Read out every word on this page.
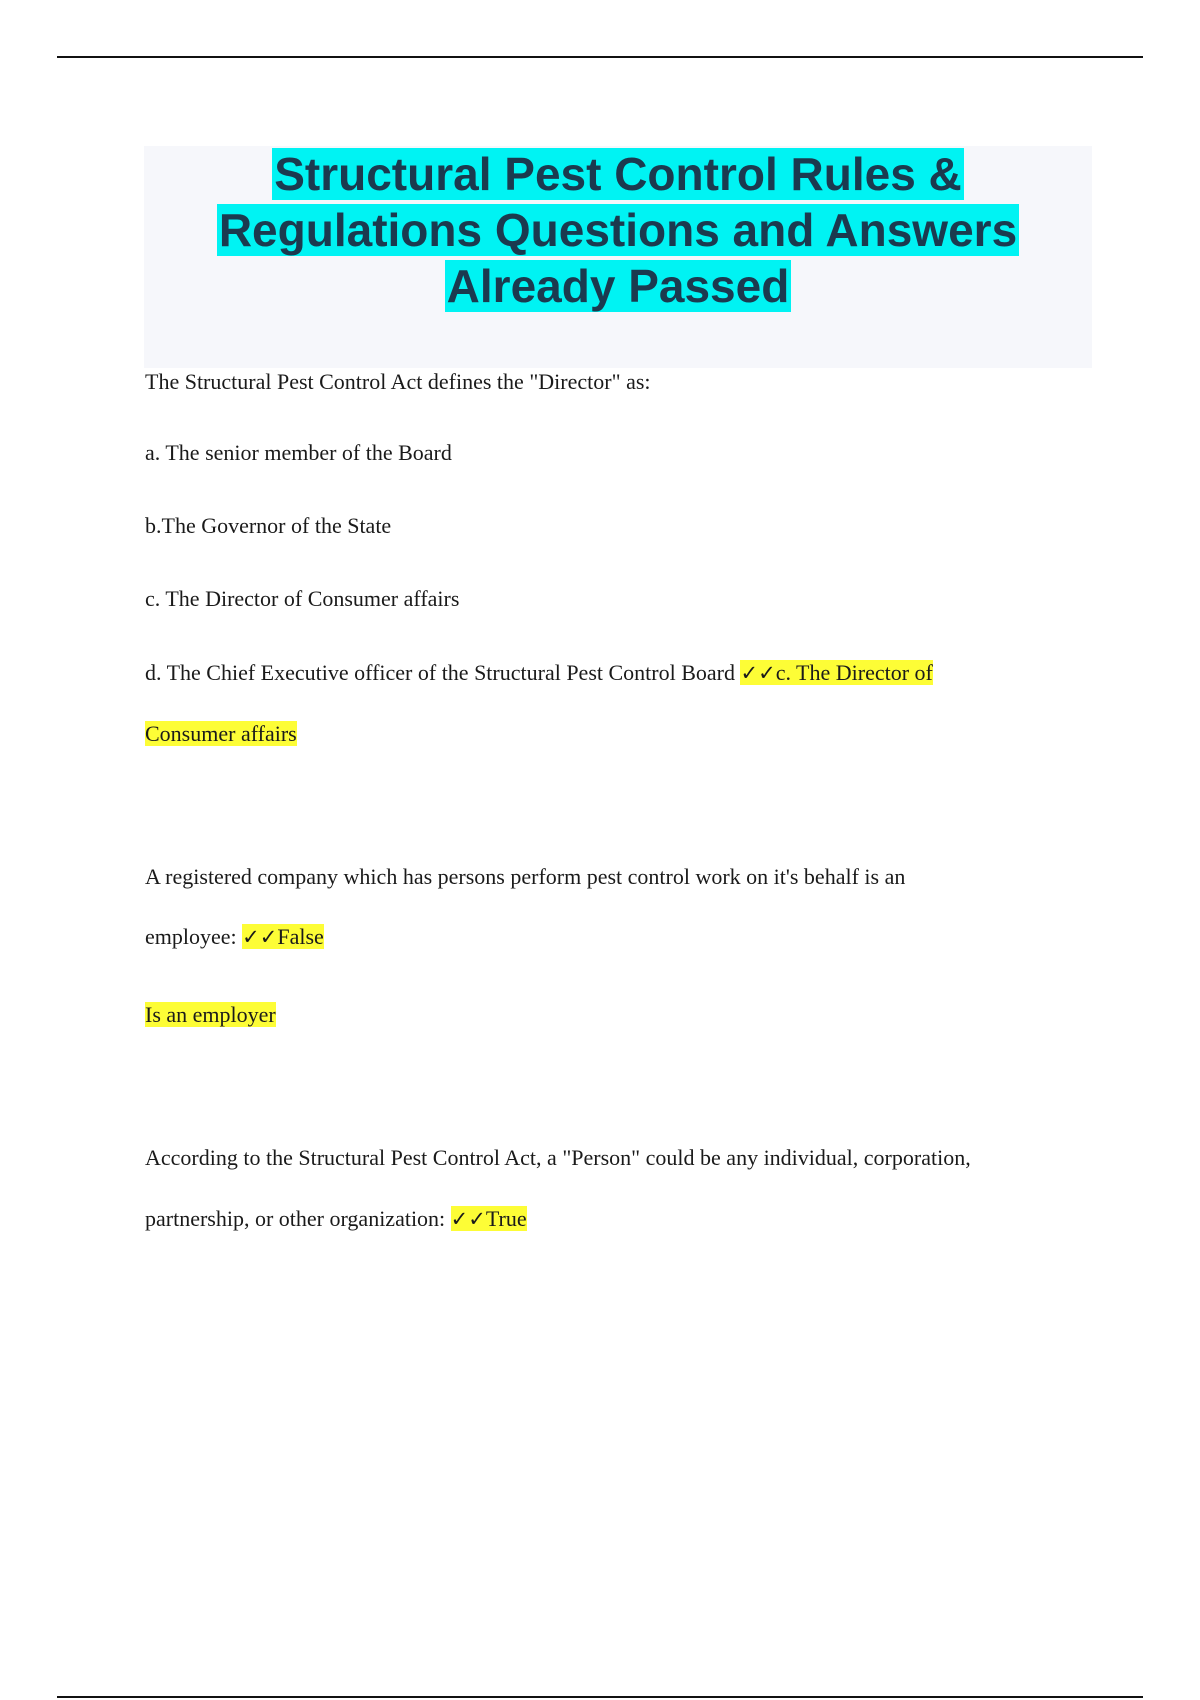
Structural Pest Control Rules &
Regulations Questions and Answers
Already Passed

The Structural Pest Control Act defines the "Director" as:

a. The senior member of the Board

b.The Governor of the State

c. The Director of Consumer affairs

d. The Chief Executive officer of the Structural Pest Control Board ✓✓c. The Director of

Consumer affairs

A registered company which has persons perform pest control work on it's behalf is an

employee: ✓✓False

Is an employer

According to the Structural Pest Control Act, a "Person" could be any individual, corporation,

partnership, or other organization: ✓✓True
